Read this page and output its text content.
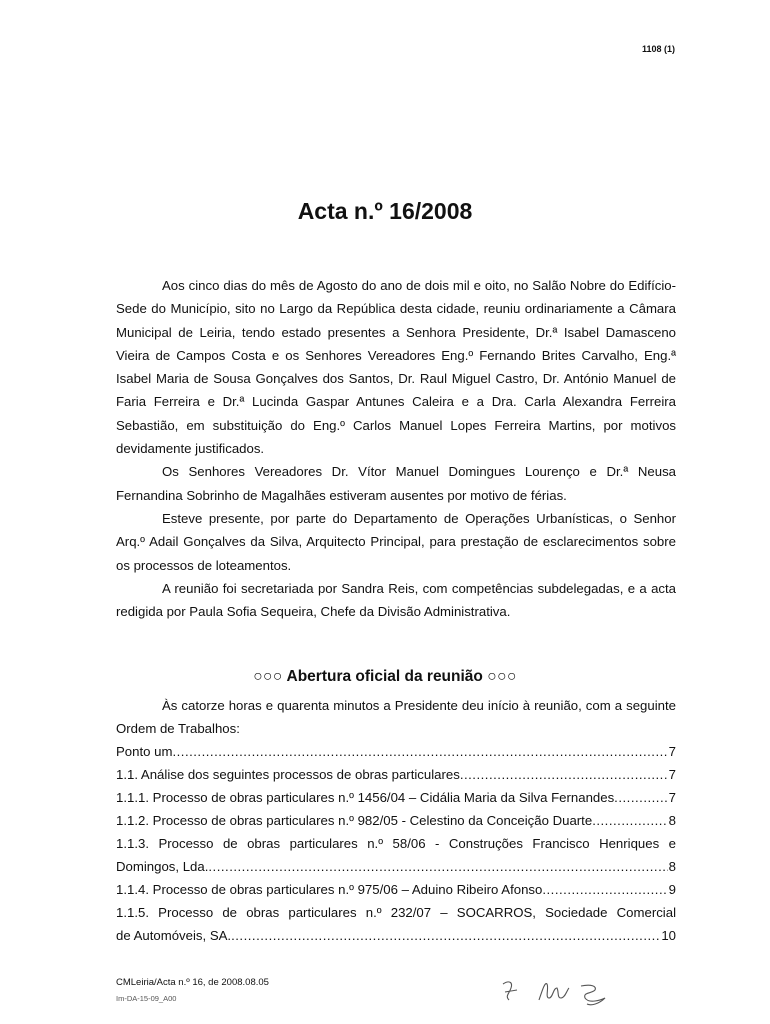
1108 (1)
Acta n.º 16/2008

Aos cinco dias do mês de Agosto do ano de dois mil e oito, no Salão Nobre do Edifício-Sede do Município, sito no Largo da República desta cidade, reuniu ordinariamente a Câmara Municipal de Leiria, tendo estado presentes a Senhora Presidente, Dr.ª Isabel Damasceno Vieira de Campos Costa e os Senhores Vereadores Eng.º Fernando Brites Carvalho, Eng.ª Isabel Maria de Sousa Gonçalves dos Santos, Dr. Raul Miguel Castro, Dr. António Manuel de Faria Ferreira e Dr.ª Lucinda Gaspar Antunes Caleira e a Dra. Carla Alexandra Ferreira Sebastião, em substituição do Eng.º Carlos Manuel Lopes Ferreira Martins, por motivos devidamente justificados.

Os Senhores Vereadores Dr. Vítor Manuel Domingues Lourenço e Dr.ª Neusa Fernandina Sobrinho de Magalhães estiveram ausentes por motivo de férias.

Esteve presente, por parte do Departamento de Operações Urbanísticas, o Senhor Arq.º Adail Gonçalves da Silva, Arquitecto Principal, para prestação de esclarecimentos sobre os processos de loteamentos.

A reunião foi secretariada por Sandra Reis, com competências subdelegadas, e a acta redigida por Paula Sofia Sequeira, Chefe da Divisão Administrativa.

○○○ Abertura oficial da reunião ○○○

Às catorze horas e quarenta minutos a Presidente deu início à reunião, com a seguinte Ordem de Trabalhos:

Ponto um .....	7
1.1. Análise dos seguintes processos de obras particulares .....	7
1.1.1. Processo de obras particulares n.º 1456/04 – Cidália Maria da Silva Fernandes .....	7
1.1.2. Processo de obras particulares n.º 982/05 - Celestino da Conceição Duarte .....	8
1.1.3. Processo de obras particulares n.º 58/06 - Construções Francisco Henriques e
Domingos, Lda. .....	8
1.1.4. Processo de obras particulares n.º 975/06 – Aduino Ribeiro Afonso .....	9
1.1.5. Processo de obras particulares n.º 232/07 – SOCARROS, Sociedade Comercial
de Automóveis, SA. .....	10
CMLeiria/Acta n.º 16, de 2008.08.05
Im-DA-15-09_A00
